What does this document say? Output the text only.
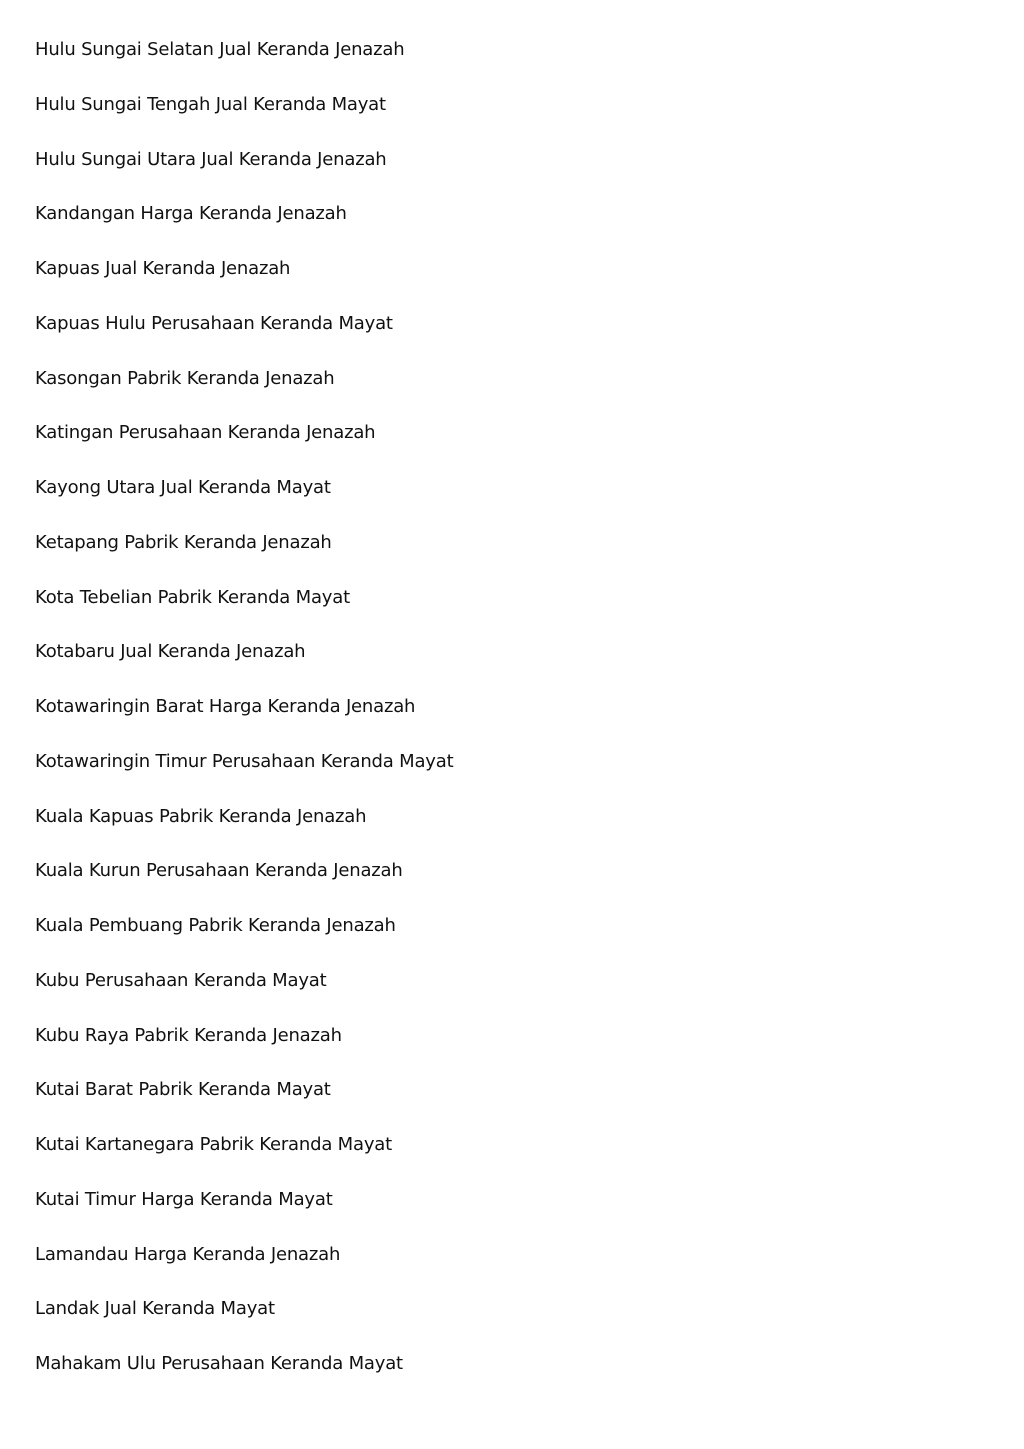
Hulu Sungai Selatan Jual Keranda Jenazah
Hulu Sungai Tengah Jual Keranda Mayat
Hulu Sungai Utara Jual Keranda Jenazah
Kandangan Harga Keranda Jenazah
Kapuas Jual Keranda Jenazah
Kapuas Hulu Perusahaan Keranda Mayat
Kasongan Pabrik Keranda Jenazah
Katingan Perusahaan Keranda Jenazah
Kayong Utara Jual Keranda Mayat
Ketapang Pabrik Keranda Jenazah
Kota Tebelian Pabrik Keranda Mayat
Kotabaru Jual Keranda Jenazah
Kotawaringin Barat Harga Keranda Jenazah
Kotawaringin Timur Perusahaan Keranda Mayat
Kuala Kapuas Pabrik Keranda Jenazah
Kuala Kurun Perusahaan Keranda Jenazah
Kuala Pembuang Pabrik Keranda Jenazah
Kubu Perusahaan Keranda Mayat
Kubu Raya Pabrik Keranda Jenazah
Kutai Barat Pabrik Keranda Mayat
Kutai Kartanegara Pabrik Keranda Mayat
Kutai Timur Harga Keranda Mayat
Lamandau Harga Keranda Jenazah
Landak Jual Keranda Mayat
Mahakam Ulu Perusahaan Keranda Mayat
